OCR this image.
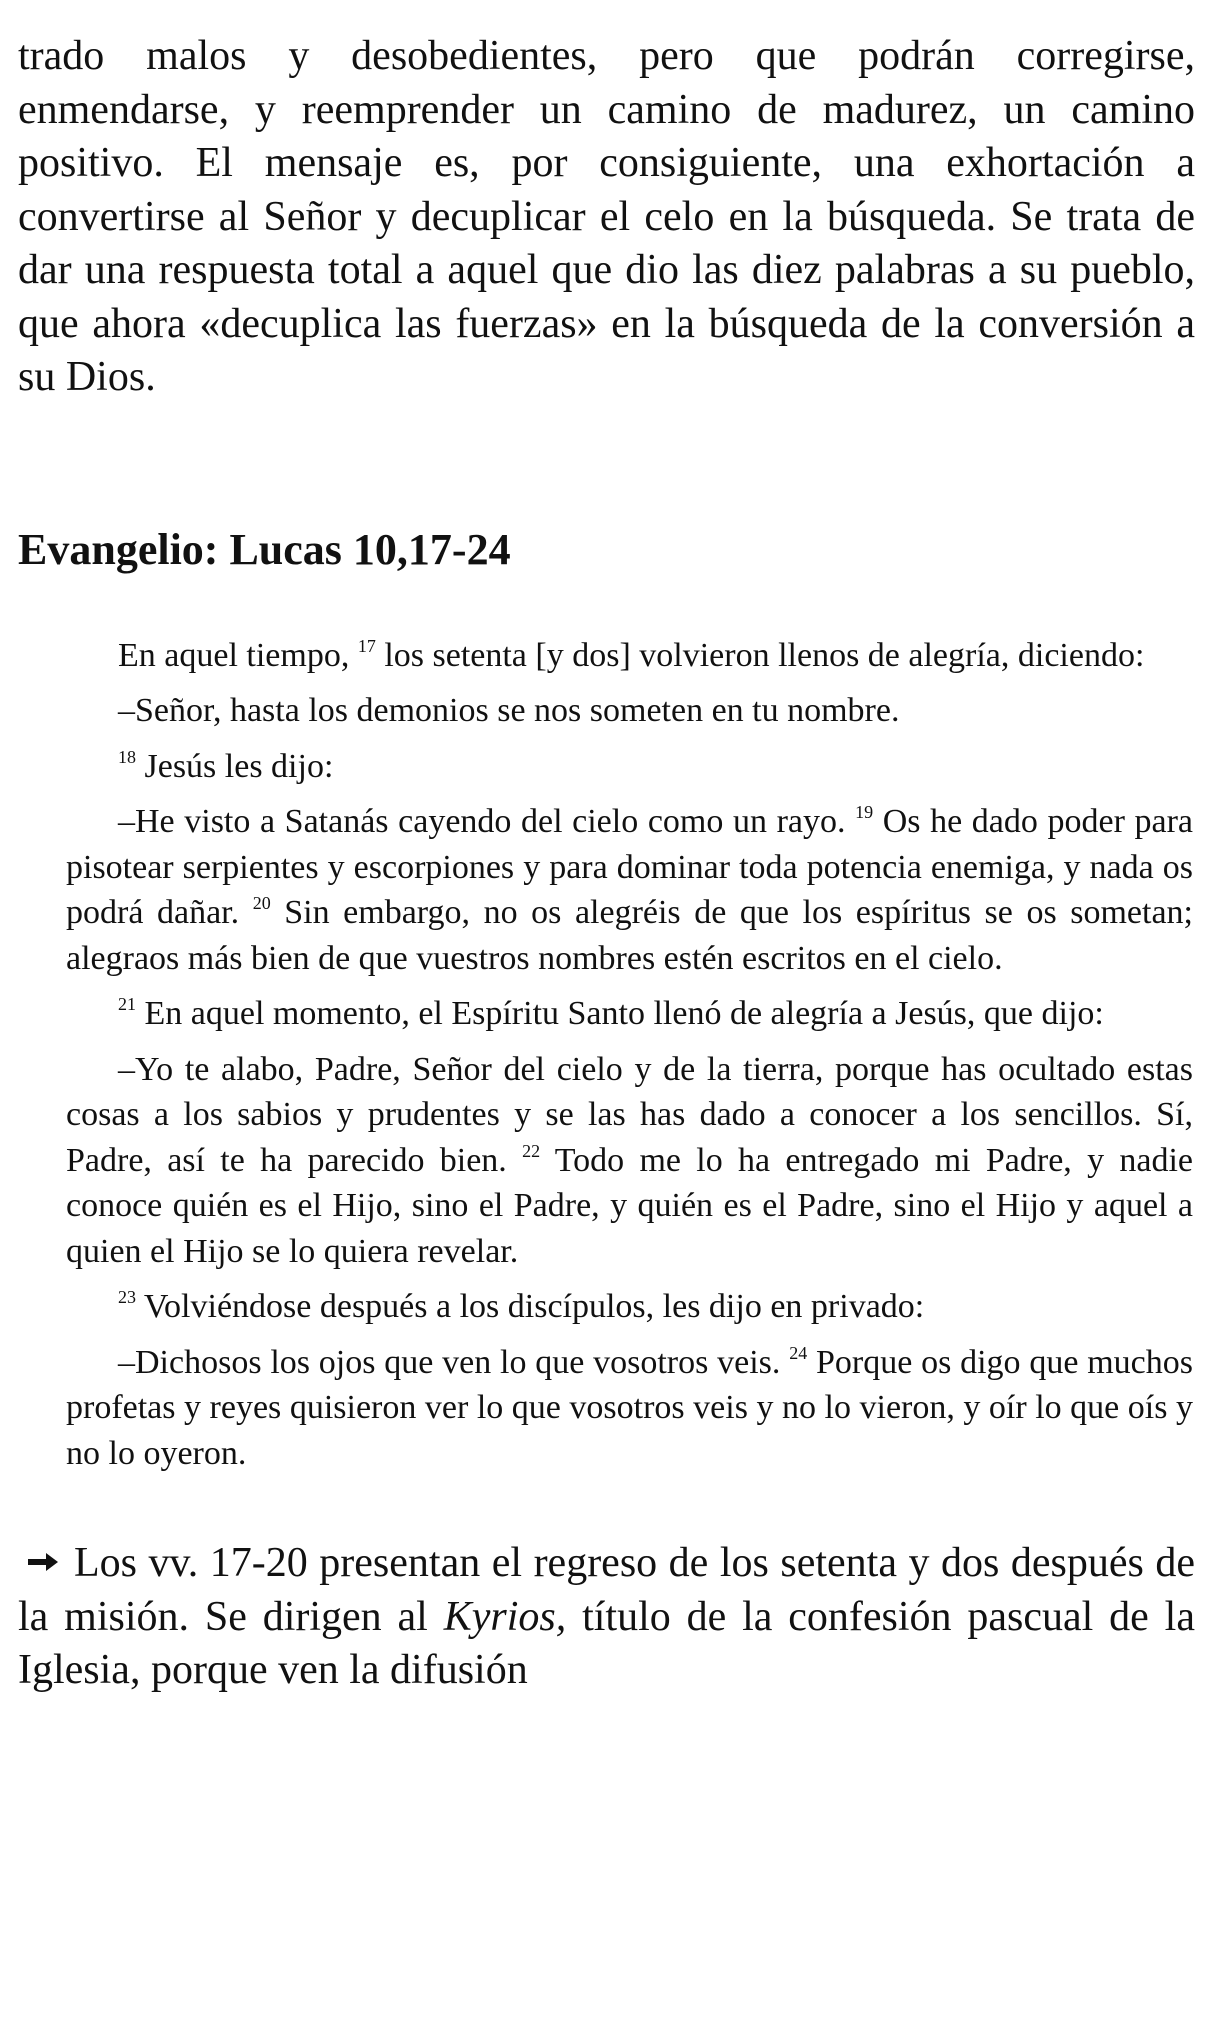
trado malos y desobedientes, pero que podrán corregirse, enmendarse, y reemprender un camino de madurez, un camino positivo. El mensaje es, por consiguiente, una exhortación a convertirse al Señor y decuplicar el celo en la búsqueda. Se trata de dar una respuesta total a aquel que dio las diez palabras a su pueblo, que ahora «decuplica las fuerzas» en la búsqueda de la conversión a su Dios.

Evangelio: Lucas 10,17-24

En aquel tiempo, $^{17}$ los setenta [y dos] volvieron llenos de alegría, diciendo:

–Señor, hasta los demonios se nos someten en tu nombre.

$^{18}$ Jesús les dijo:

–He visto a Satanás cayendo del cielo como un rayo. $^{19}$ Os he dado poder para pisotear serpientes y escorpiones y para dominar toda potencia enemiga, y nada os podrá dañar. $^{20}$ Sin embargo, no os alegréis de que los espíritus se os sometan; alegraos más bien de que vuestros nombres estén escritos en el cielo.

$^{21}$ En aquel momento, el Espíritu Santo llenó de alegría a Jesús, que dijo:

–Yo te alabo, Padre, Señor del cielo y de la tierra, porque has ocultado estas cosas a los sabios y prudentes y se las has dado a conocer a los sencillos. Sí, Padre, así te ha parecido bien. $^{22}$ Todo me lo ha entregado mi Padre, y nadie conoce quién es el Hijo, sino el Padre, y quién es el Padre, sino el Hijo y aquel a quien el Hijo se lo quiera revelar.

$^{23}$ Volviéndose después a los discípulos, les dijo en privado:

–Dichosos los ojos que ven lo que vosotros veis. $^{24}$ Porque os digo que muchos profetas y reyes quisieron ver lo que vosotros veis y no lo vieron, y oír lo que oís y no lo oyeron.

Los vv. 17-20 presentan el regreso de los setenta y dos después de la misión. Se dirigen al Kyrios, título de la confesión pascual de la Iglesia, porque ven la difusión
